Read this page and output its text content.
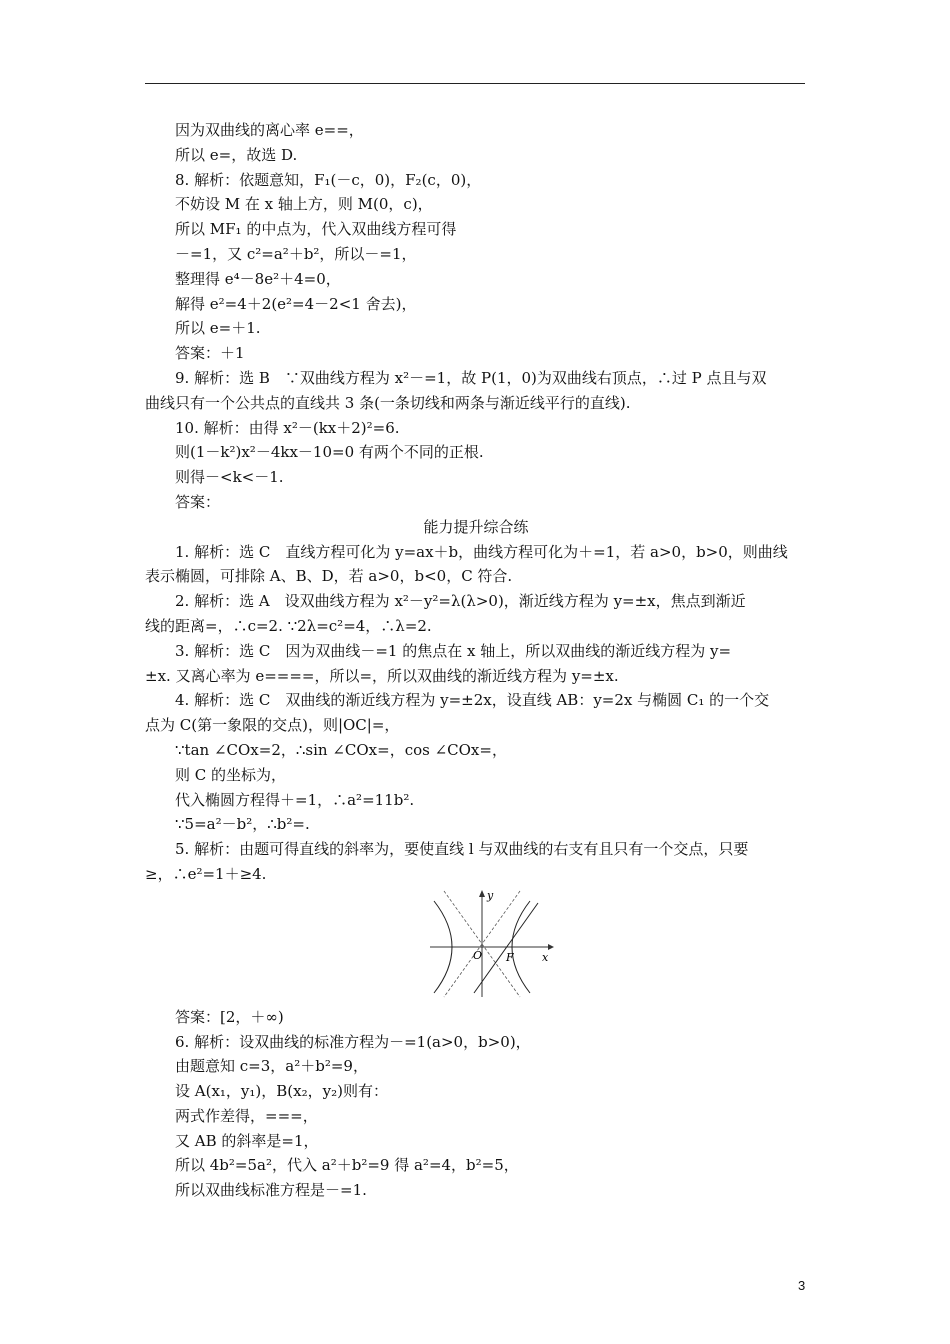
因为双曲线的离心率 e==，
所以 e=，故选 D.
8. 解析：依题意知，F₁(－c，0)，F₂(c，0)，
不妨设 M 在 x 轴上方，则 M(0，c)，
所以 MF₁ 的中点为，代入双曲线方程可得
－=1，又 c²=a²＋b²，所以－=1，
整理得 e⁴－8e²＋4=0，
解得 e²=4＋2(e²=4－2<1 舍去)，
所以 e=＋1.
答案：＋1
9. 解析：选 B　∵双曲线方程为 x²－=1，故 P(1，0)为双曲线右顶点，∴过 P 点且与双
曲线只有一个公共点的直线共 3 条(一条切线和两条与渐近线平行的直线).
10. 解析：由得 x²－(kx＋2)²=6.
则(1－k²)x²－4kx－10=0 有两个不同的正根.
则得－<k<－1.
答案：
能力提升综合练
1. 解析：选 C　直线方程可化为 y=ax＋b，曲线方程可化为＋=1，若 a>0，b>0，则曲线
表示椭圆，可排除 A、B、D，若 a>0，b<0，C 符合.
2. 解析：选 A　设双曲线方程为 x²－y²=λ(λ>0)，渐近线方程为 y=±x，焦点到渐近
线的距离=，∴c=2. ∵2λ=c²=4，∴λ=2.
3. 解析：选 C　因为双曲线－=1 的焦点在 x 轴上，所以双曲线的渐近线方程为 y=
±x. 又离心率为 e====，所以=，所以双曲线的渐近线方程为 y=±x.
4. 解析：选 C　双曲线的渐近线方程为 y=±2x，设直线 AB：y=2x 与椭圆 C₁ 的一个交
点为 C(第一象限的交点)，则|OC|=，
∵tan ∠COx=2，∴sin ∠COx=，cos ∠COx=，
则 C 的坐标为，
代入椭圆方程得＋=1，∴a²=11b².
∵5=a²－b²，∴b²=.
5. 解析：由题可得直线的斜率为，要使直线 l 与双曲线的右支有且只有一个交点，只要
≥，∴e²=1＋≥4.
y
x
O F
答案：[2，＋∞)
6. 解析：设双曲线的标准方程为－=1(a>0，b>0)，
由题意知 c=3，a²＋b²=9，
设 A(x₁，y₁)，B(x₂，y₂)则有：
两式作差得，===，
又 AB 的斜率是=1，
所以 4b²=5a²，代入 a²＋b²=9 得 a²=4，b²=5，
所以双曲线标准方程是－=1.
3
